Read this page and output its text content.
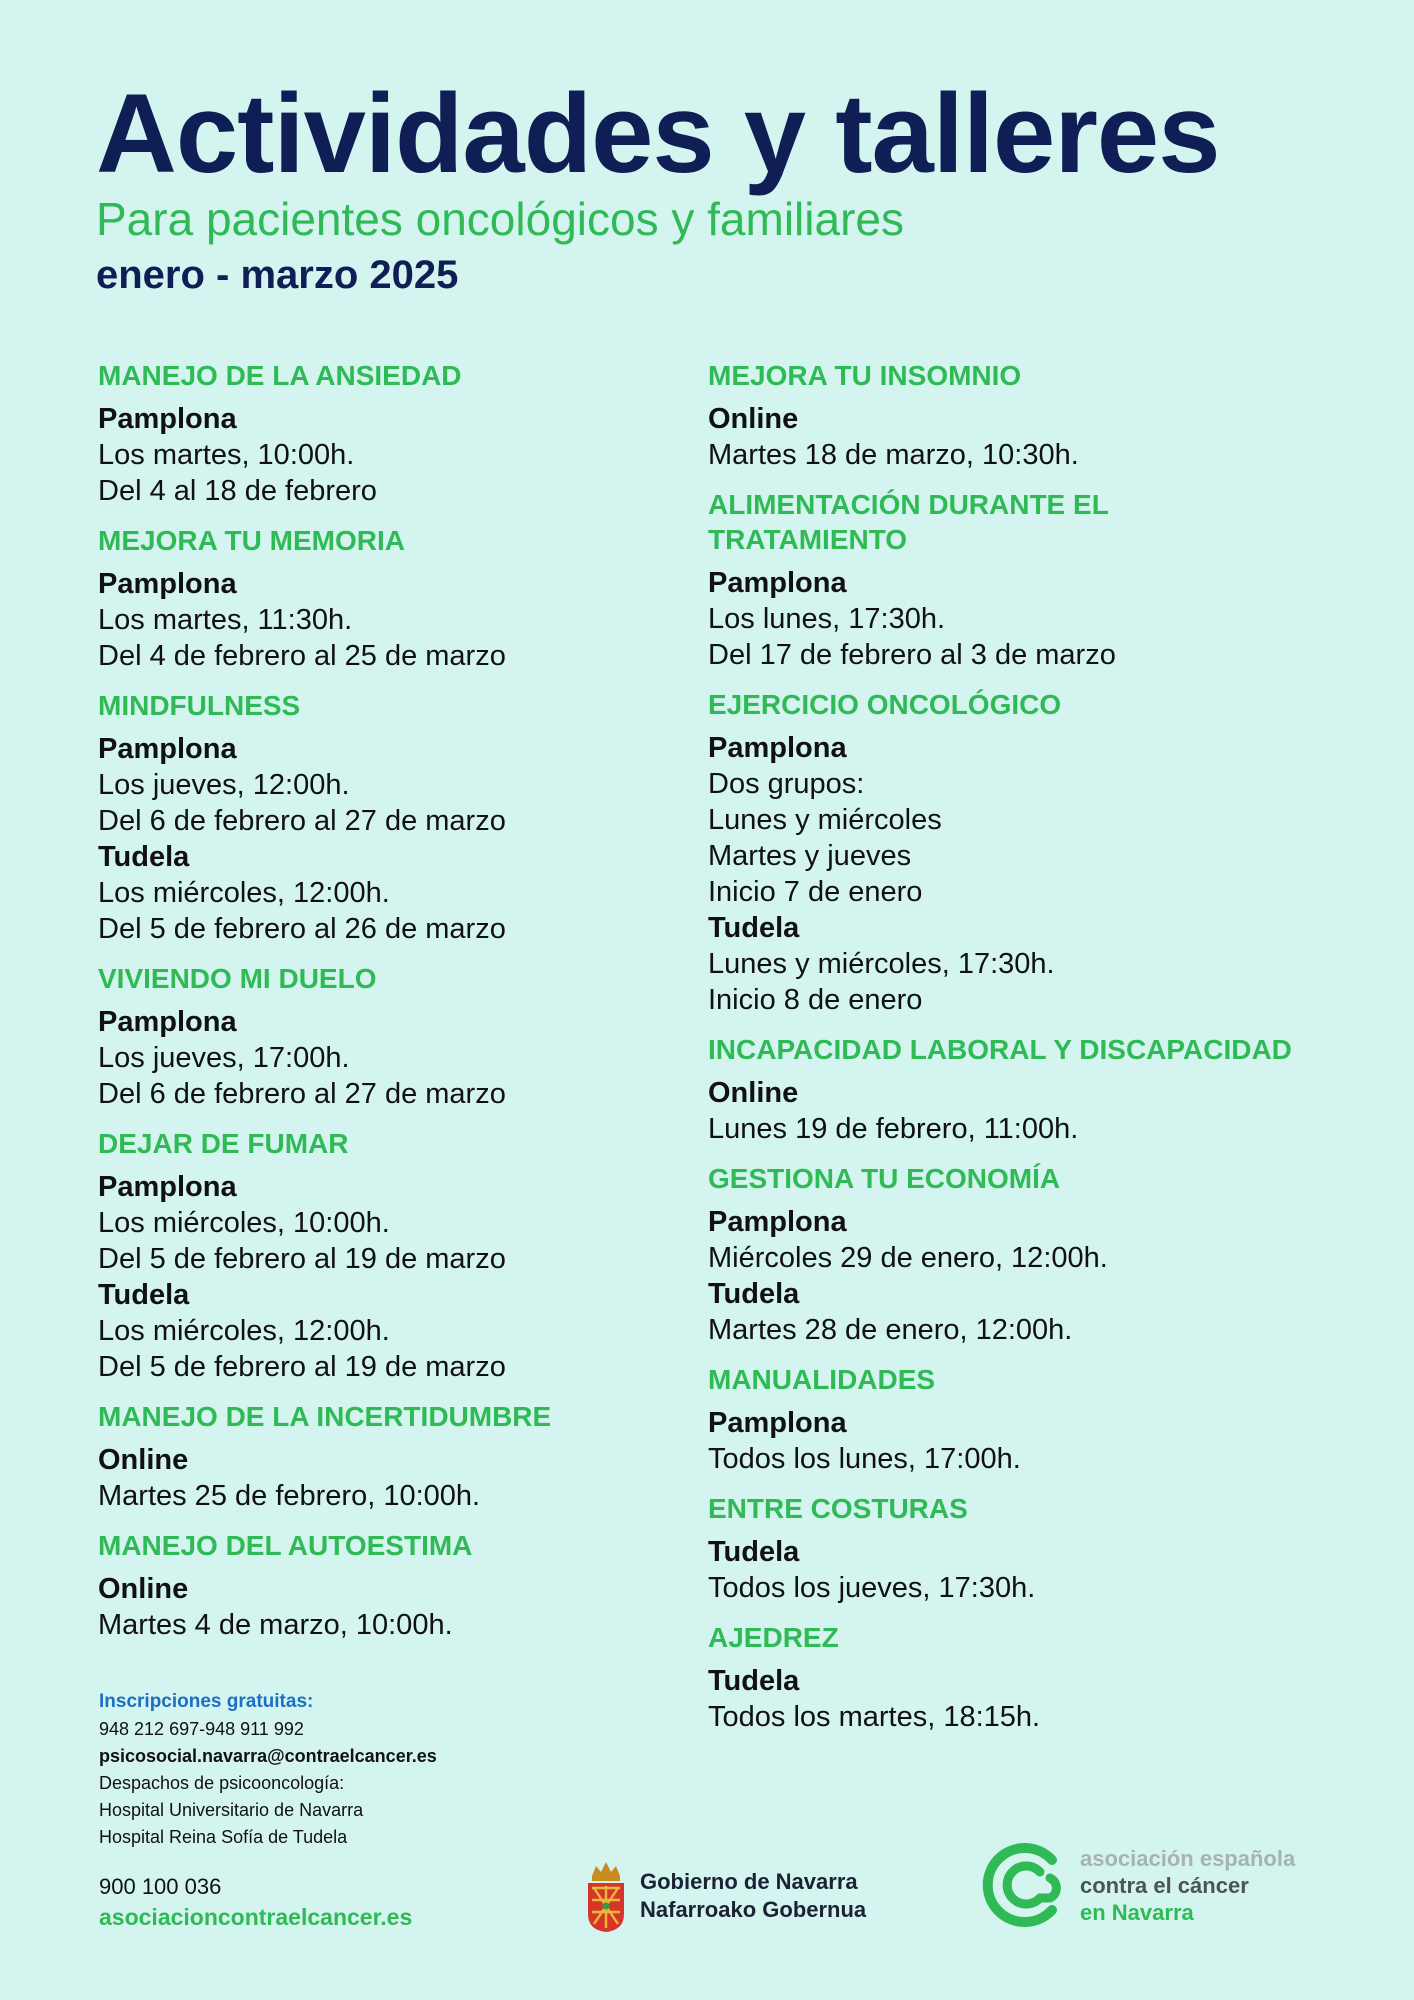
Actividades y talleres
Para pacientes oncológicos y familiares
enero - marzo 2025
MANEJO DE LA ANSIEDAD
Pamplona
Los martes, 10:00h.
Del 4 al 18 de febrero
MEJORA TU MEMORIA
Pamplona
Los martes, 11:30h.
Del 4 de febrero al 25 de marzo
MINDFULNESS
Pamplona
Los jueves, 12:00h.
Del 6 de febrero al 27 de marzo
Tudela
Los miércoles, 12:00h.
Del 5 de febrero al 26 de marzo
VIVIENDO MI DUELO
Pamplona
Los jueves, 17:00h.
Del 6 de febrero al 27 de marzo
DEJAR DE FUMAR
Pamplona
Los miércoles, 10:00h.
Del 5 de febrero al 19 de marzo
Tudela
Los miércoles, 12:00h.
Del 5 de febrero al 19 de marzo
MANEJO DE LA INCERTIDUMBRE
Online
Martes 25 de febrero, 10:00h.
MANEJO DEL AUTOESTIMA
Online
Martes 4 de marzo, 10:00h.
MEJORA TU INSOMNIO
Online
Martes 18 de marzo, 10:30h.
ALIMENTACIÓN DURANTE EL
TRATAMIENTO
Pamplona
Los lunes, 17:30h.
Del 17 de febrero al 3 de marzo
EJERCICIO ONCOLÓGICO
Pamplona
Dos grupos:
Lunes y miércoles
Martes y jueves
Inicio 7 de enero
Tudela
Lunes y miércoles, 17:30h.
Inicio 8 de enero
INCAPACIDAD LABORAL Y DISCAPACIDAD
Online
Lunes 19 de febrero, 11:00h.
GESTIONA TU ECONOMÍA
Pamplona
Miércoles 29 de enero, 12:00h.
Tudela
Martes 28 de enero, 12:00h.
MANUALIDADES
Pamplona
Todos los lunes, 17:00h.
ENTRE COSTURAS
Tudela
Todos los jueves, 17:30h.
AJEDREZ
Tudela
Todos los martes, 18:15h.
Inscripciones gratuitas:
948 212 697-948 911 992
psicosocial.navarra@contraelcancer.es
Despachos de psicooncología:
Hospital Universitario de Navarra
Hospital Reina Sofía de Tudela
900 100 036
asociacioncontraelcancer.es
Gobierno de Navarra
Nafarroako Gobernua
asociación española
contra el cáncer
en Navarra
